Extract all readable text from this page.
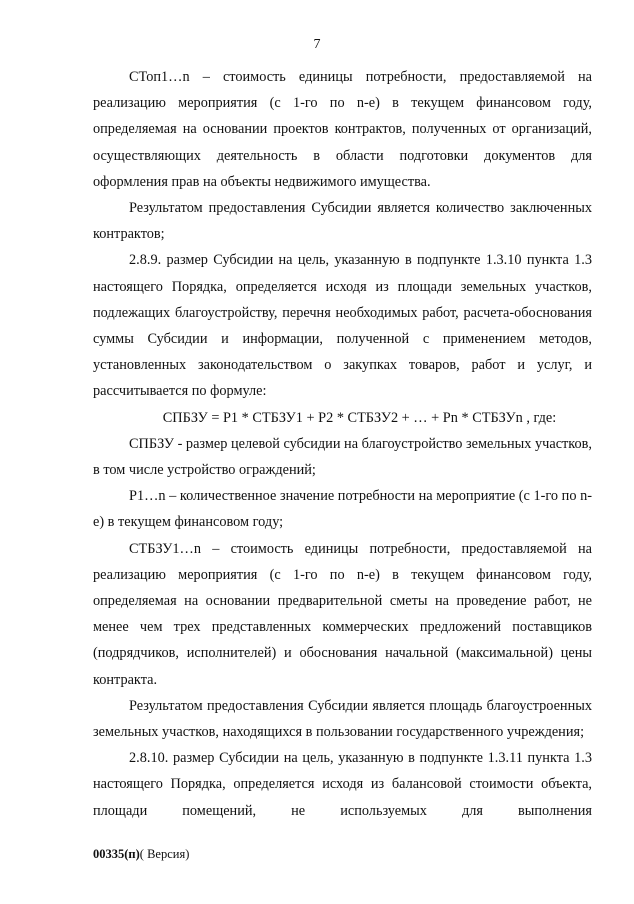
7

СТоп1…n – стоимость единицы потребности, предоставляемой на реализацию мероприятия (с 1-го по n-е) в текущем финансовом году, определяемая на основании проектов контрактов, полученных от организаций, осуществляющих деятельность в области подготовки документов для оформления прав на объекты недвижимого имущества.

Результатом предоставления Субсидии является количество заключенных контрактов;

2.8.9. размер Субсидии на цель, указанную в подпункте 1.3.10 пункта 1.3 настоящего Порядка, определяется исходя из площади земельных участков, подлежащих благоустройству, перечня необходимых работ, расчета-обоснования суммы Субсидии и информации, полученной с применением методов, установленных законодательством о закупках товаров, работ и услуг, и рассчитывается по формуле:

СПБЗУ = P1 * СТБЗУ1 + P2 * СТБЗУ2 + … + Pn * СТБЗУn , где:

СПБЗУ - размер целевой субсидии на благоустройство земельных участков, в том числе устройство ограждений;

P1…n – количественное значение потребности на мероприятие (с 1-го по n-е) в текущем финансовом году;

СТБЗУ1…n – стоимость единицы потребности, предоставляемой на реализацию мероприятия (с 1-го по n-е) в текущем финансовом году, определяемая на основании предварительной сметы на проведение работ, не менее чем трех представленных коммерческих предложений поставщиков (подрядчиков, исполнителей) и обоснования начальной (максимальной) цены контракта.

Результатом предоставления Субсидии является площадь благоустроенных земельных участков, находящихся в пользовании государственного учреждения;

2.8.10. размер Субсидии на цель, указанную в подпункте 1.3.11 пункта 1.3 настоящего Порядка, определяется исходя из балансовой стоимости объекта, площади помещений, не используемых для выполнения

00335(п)( Версия)
